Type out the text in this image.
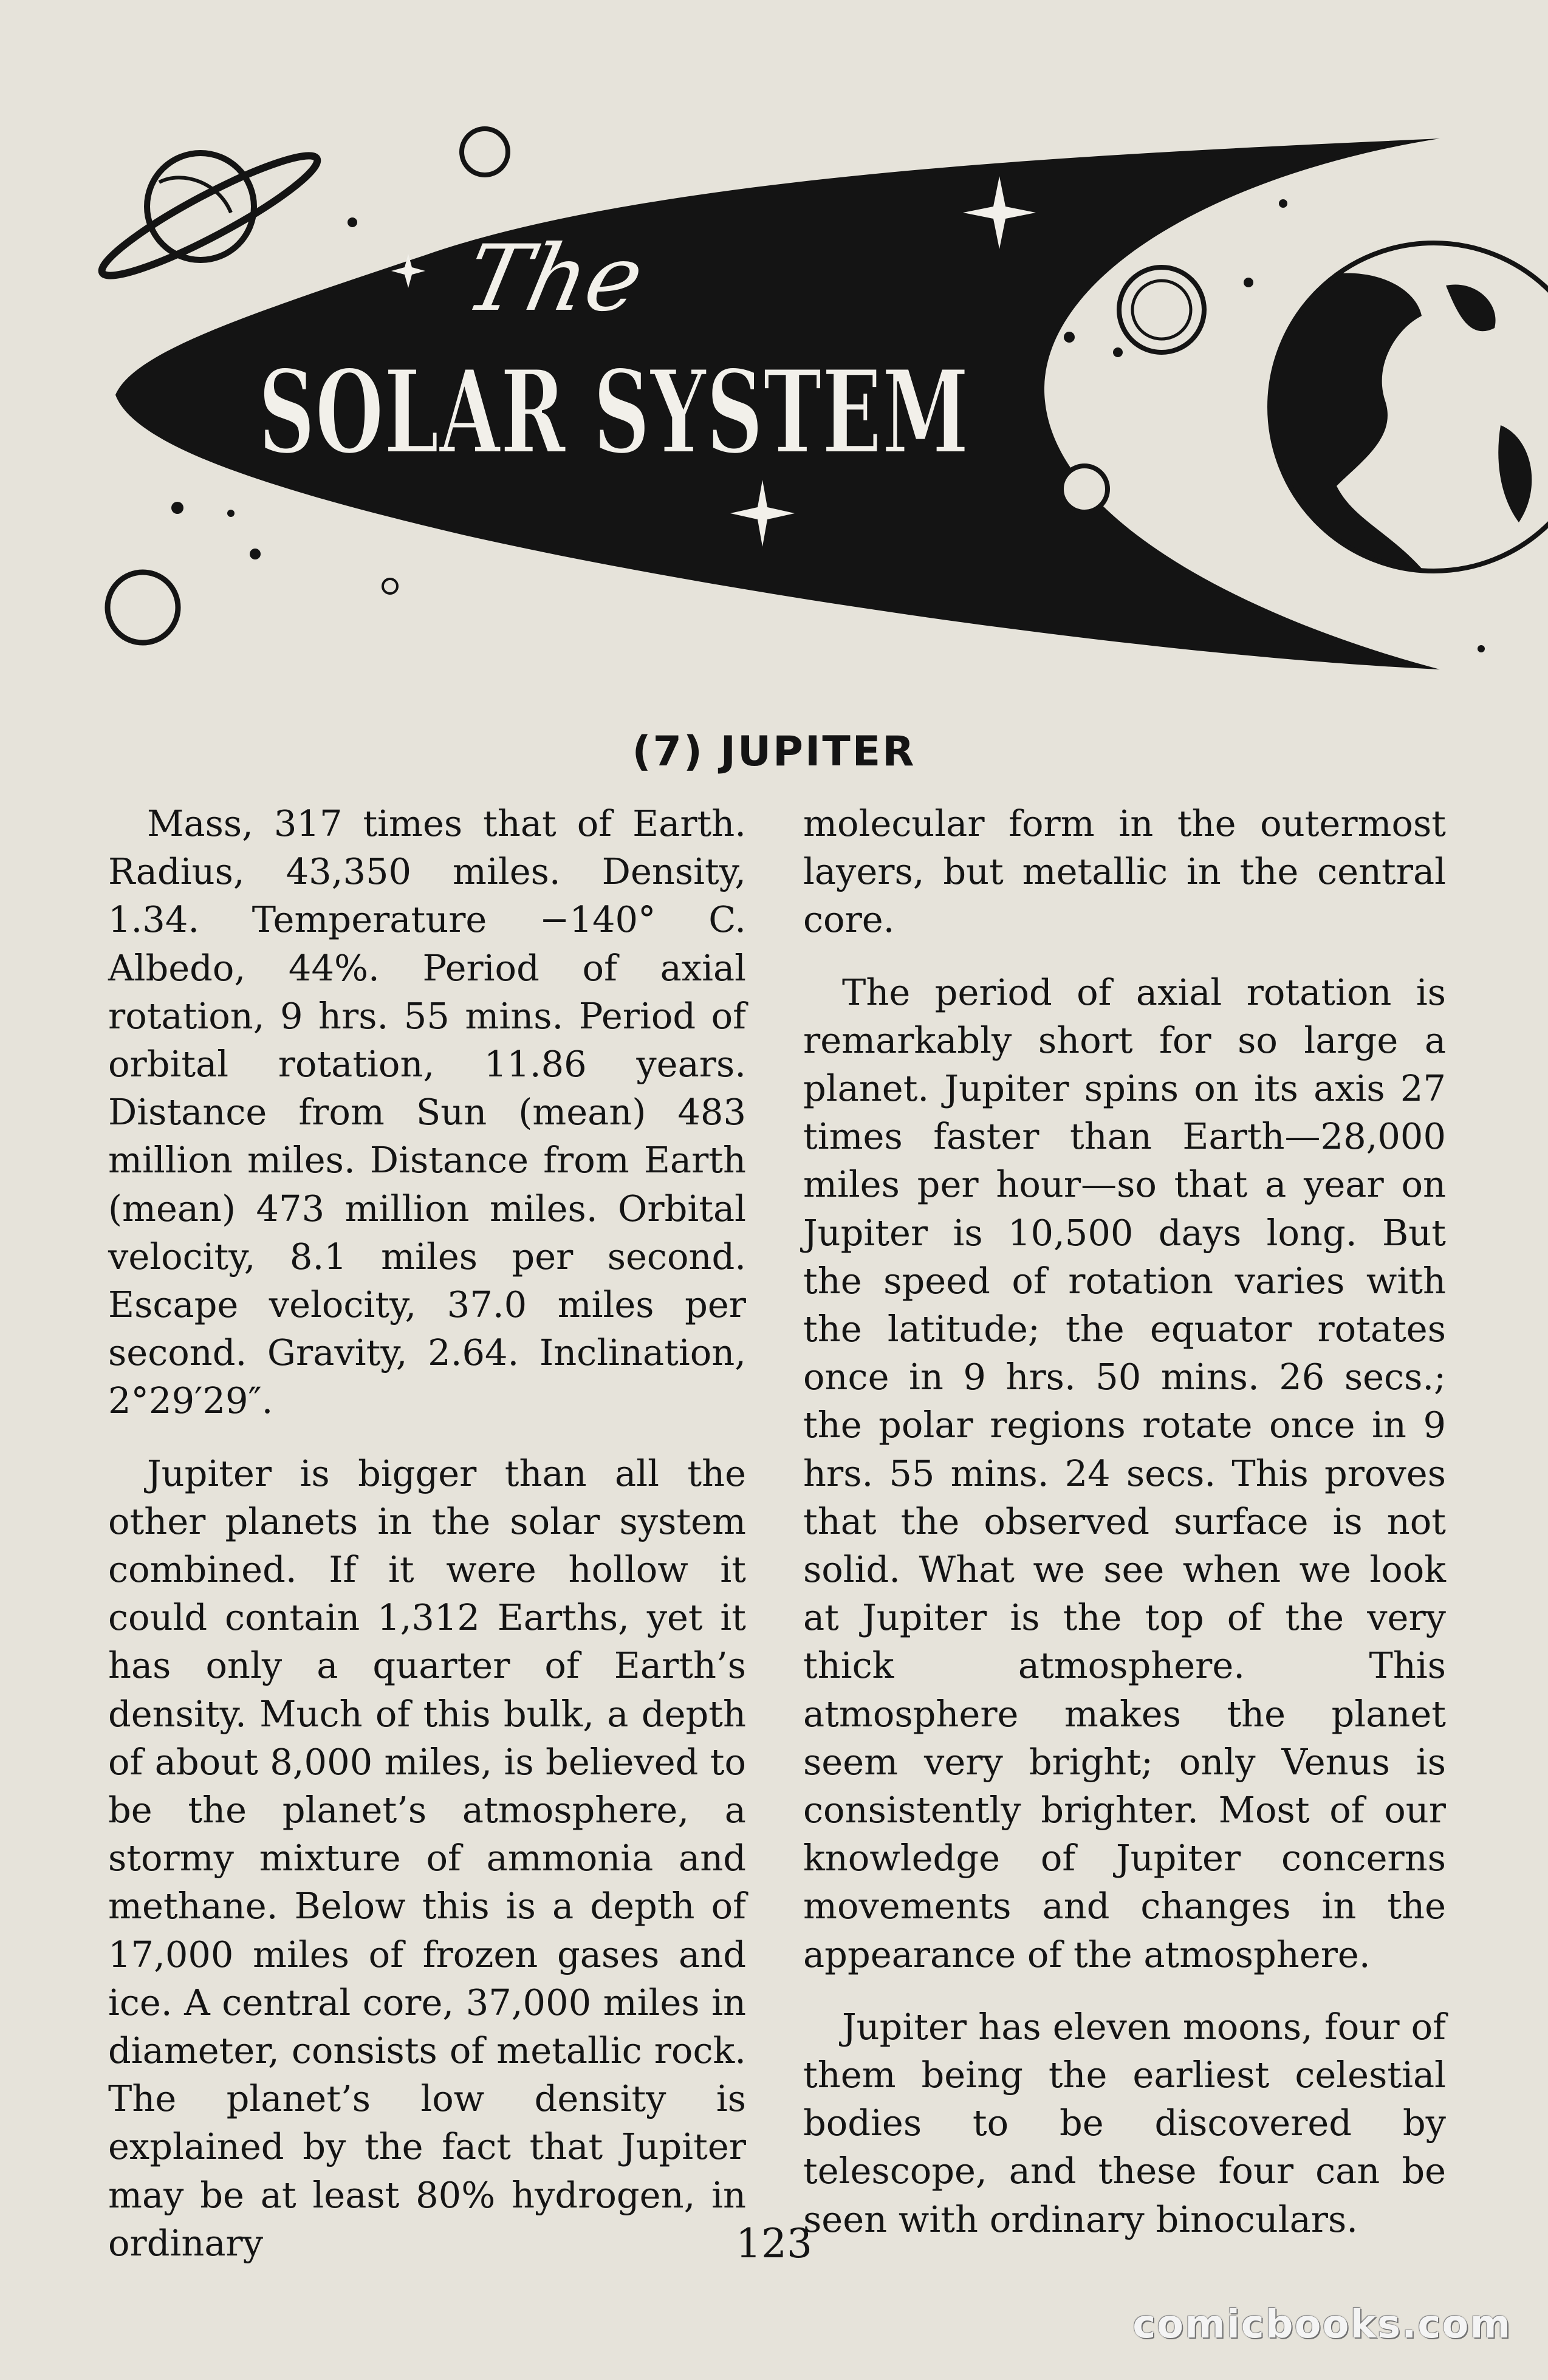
The
SOLAR SYSTEM
(7) JUPITER

Mass, 317 times that of Earth. Radius, 43,350 miles. Density, 1.34. Temperature −140° C. Albedo, 44%. Period of axial rotation, 9 hrs. 55 mins. Period of orbital rotation, 11.86 years. Distance from Sun (mean) 483 million miles. Distance from Earth (mean) 473 million miles. Orbital velocity, 8.1 miles per second. Escape velocity, 37.0 miles per second. Gravity, 2.64. Inclination, 2°29′29″.

Jupiter is bigger than all the other planets in the solar system combined. If it were hollow it could contain 1,312 Earths, yet it has only a quarter of Earth’s density. Much of this bulk, a depth of about 8,000 miles, is believed to be the planet’s atmosphere, a stormy mixture of ammonia and methane. Below this is a depth of 17,000 miles of frozen gases and ice. A central core, 37,000 miles in diameter, consists of metallic rock. The planet’s low density is explained by the fact that Jupiter may be at least 80% hydrogen, in ordinary

molecular form in the outermost layers, but metallic in the central core.

The period of axial rotation is remarkably short for so large a planet. Jupiter spins on its axis 27 times faster than Earth—28,000 miles per hour—so that a year on Jupiter is 10,500 days long. But the speed of rotation varies with the latitude; the equator rotates once in 9 hrs. 50 mins. 26 secs.; the polar regions rotate once in 9 hrs. 55 mins. 24 secs. This proves that the observed surface is not solid. What we see when we look at Jupiter is the top of the very thick atmosphere. This atmosphere makes the planet seem very bright; only Venus is consistently brighter. Most of our knowledge of Jupiter concerns movements and changes in the appearance of the atmosphere.

Jupiter has eleven moons, four of them being the earliest celestial bodies to be discovered by telescope, and these four can be seen with ordinary binoculars.

123

comicbooks.com
